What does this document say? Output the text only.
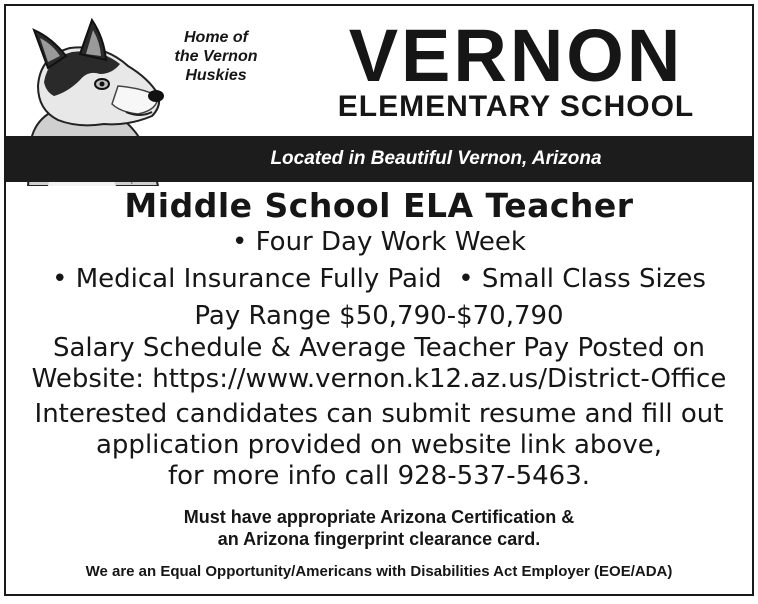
Home of
the Vernon
Huskies	VERNON
ELEMENTARY SCHOOL
Located in Beautiful Vernon, Arizona
Middle School ELA Teacher
• Four Day Work Week
• Medical Insurance Fully Paid  • Small Class Sizes
Pay Range $50,790-$70,790
Salary Schedule & Average Teacher Pay Posted on
Website: https://www.vernon.k12.az.us/District-Office
Interested candidates can submit resume and fill out
application provided on website link above,
for more info call 928-537-5463.
Must have appropriate Arizona Certification &
an Arizona fingerprint clearance card.
We are an Equal Opportunity/Americans with Disabilities Act Employer (EOE/ADA)
